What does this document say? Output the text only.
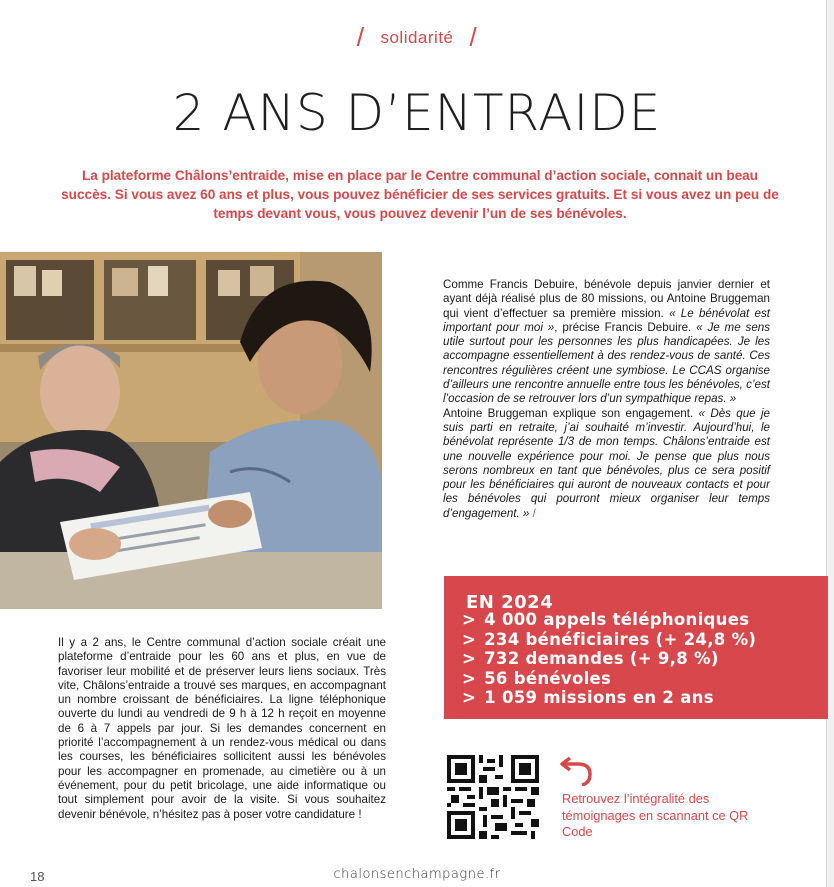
/ solidarité /
2 ANS D’ENTRAIDE
La plateforme Châlons’entraide, mise en place par le Centre communal d’action sociale, connait un beau succès. Si vous avez 60 ans et plus, vous pouvez bénéficier de ses services gratuits. Et si vous avez un peu de temps devant vous, vous pouvez devenir l’un de ses bénévoles.

Il y a 2 ans, le Centre communal d’action sociale créait une plateforme d’entraide pour les 60 ans et plus, en vue de favoriser leur mobilité et de préserver leurs liens sociaux. Très vite, Châlons’entraide a trouvé ses marques, en accompagnant un nombre croissant de bénéficiaires. La ligne téléphonique ouverte du lundi au vendredi de 9 h à 12 h reçoit en moyenne de 6 à 7 appels par jour. Si les demandes concernent en priorité l’accompagnement à un rendez-vous médical ou dans les courses, les bénéficiaires sollicitent aussi les bénévoles pour les accompagner en promenade, au cimetière ou à un événement, pour du petit bricolage, une aide informatique ou tout simplement pour avoir de la visite. Si vous souhaitez devenir bénévole, n’hésitez pas à poser votre candidature !

Comme Francis Debuire, bénévole depuis janvier dernier et ayant déjà réalisé plus de 80 missions, ou Antoine Bruggeman qui vient d’effectuer sa première mission. « Le bénévolat est important pour moi », précise Francis Debuire. « Je me sens utile surtout pour les personnes les plus handicapées. Je les accompagne essentiellement à des rendez-vous de santé. Ces rencontres régulières créent une symbiose. Le CCAS organise d’ailleurs une rencontre annuelle entre tous les bénévoles, c’est l’occasion de se retrouver lors d’un sympathique repas. »

Antoine Bruggeman explique son engagement. « Dès que je suis parti en retraite, j’ai souhaité m’investir. Aujourd’hui, le bénévolat représente 1/3 de mon temps. Châlons’entraide est une nouvelle expérience pour moi. Je pense que plus nous serons nombreux en tant que bénévoles, plus ce sera positif pour les bénéficiaires qui auront de nouveaux contacts et pour les bénévoles qui pourront mieux organiser leur temps d’engagement. » /

EN 2024
> 4 000 appels téléphoniques
> 234 bénéficiaires (+ 24,8 %)
> 732 demandes (+ 9,8 %)
> 56 bénévoles
> 1 059 missions en 2 ans
Retrouvez l’intégralité des témoignages en scannant ce QR Code
18	chalonsenchampagne.fr
